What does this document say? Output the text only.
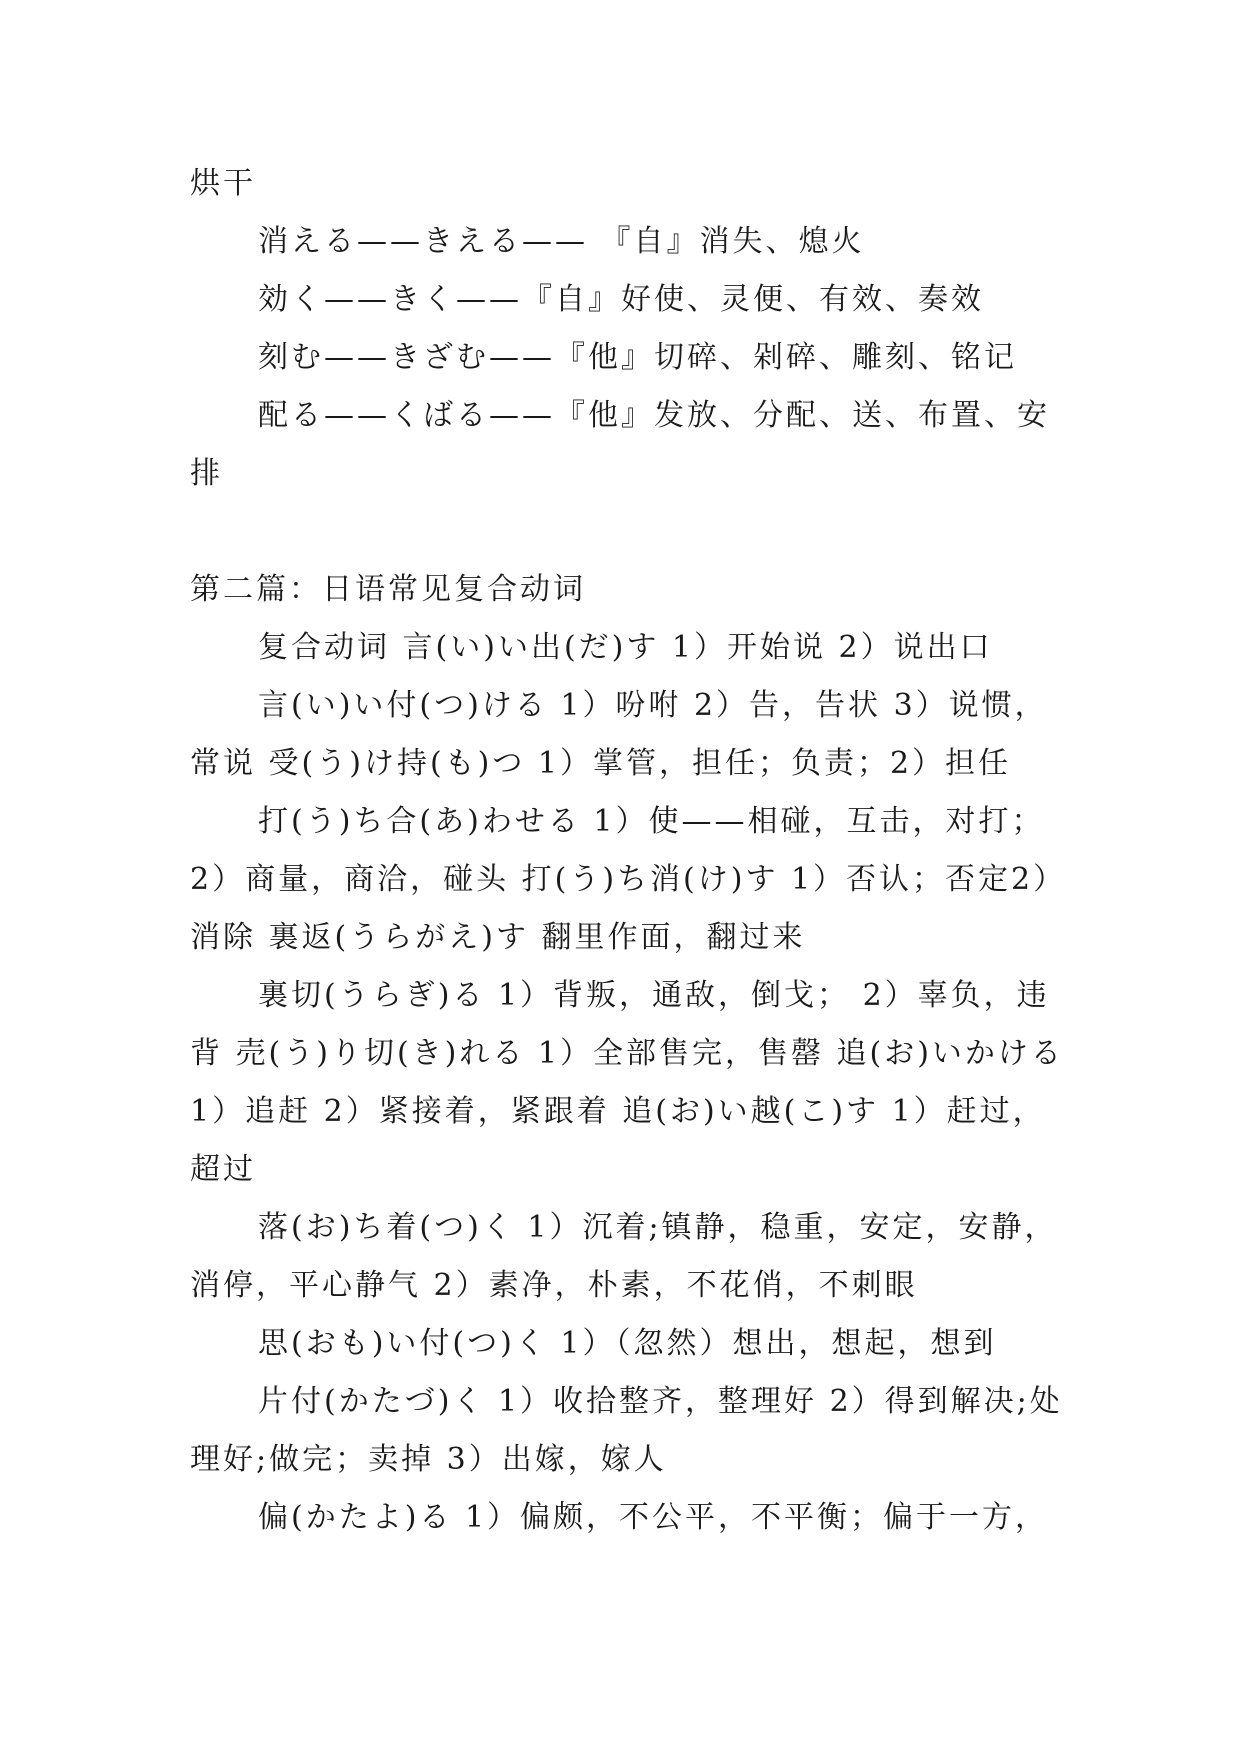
烘干

消える——きえる—— 『自』消失、熄火

効く——きく——『自』好使、灵便、有效、奏效

刻む——きざむ——『他』切碎、剁碎、雕刻、铭记

配る——くばる——『他』发放、分配、送、布置、安排

第二篇：日语常见复合动词

复合动词 言(い)い出(だ)す 1）开始说 2）说出口

言(い)い付(つ)ける 1）吩咐 2）告，告状 3）说惯，常说 受(う)け持(も)つ 1）掌管，担任；负责；2）担任

打(う)ち合(あ)わせる 1）使——相碰，互击，对打；2）商量，商洽，碰头 打(う)ち消(け)す 1）否认；否定2）消除 裏返(うらがえ)す 翻里作面，翻过来

裏切(うらぎ)る 1）背叛，通敌，倒戈； 2）辜负，违背 売(う)り切(き)れる 1）全部售完，售罄 追(お)いかける 1）追赶 2）紧接着，紧跟着 追(お)い越(こ)す 1）赶过，超过

落(お)ち着(つ)く 1）沉着;镇静，稳重，安定，安静，消停，平心静气 2）素净，朴素，不花俏，不刺眼

思(おも)い付(つ)く 1）（忽然）想出，想起，想到

片付(かたづ)く 1）收拾整齐，整理好 2）得到解决;处理好;做完；卖掉 3）出嫁，嫁人

偏(かたよ)る 1）偏颇，不公平，不平衡；偏于一方，
